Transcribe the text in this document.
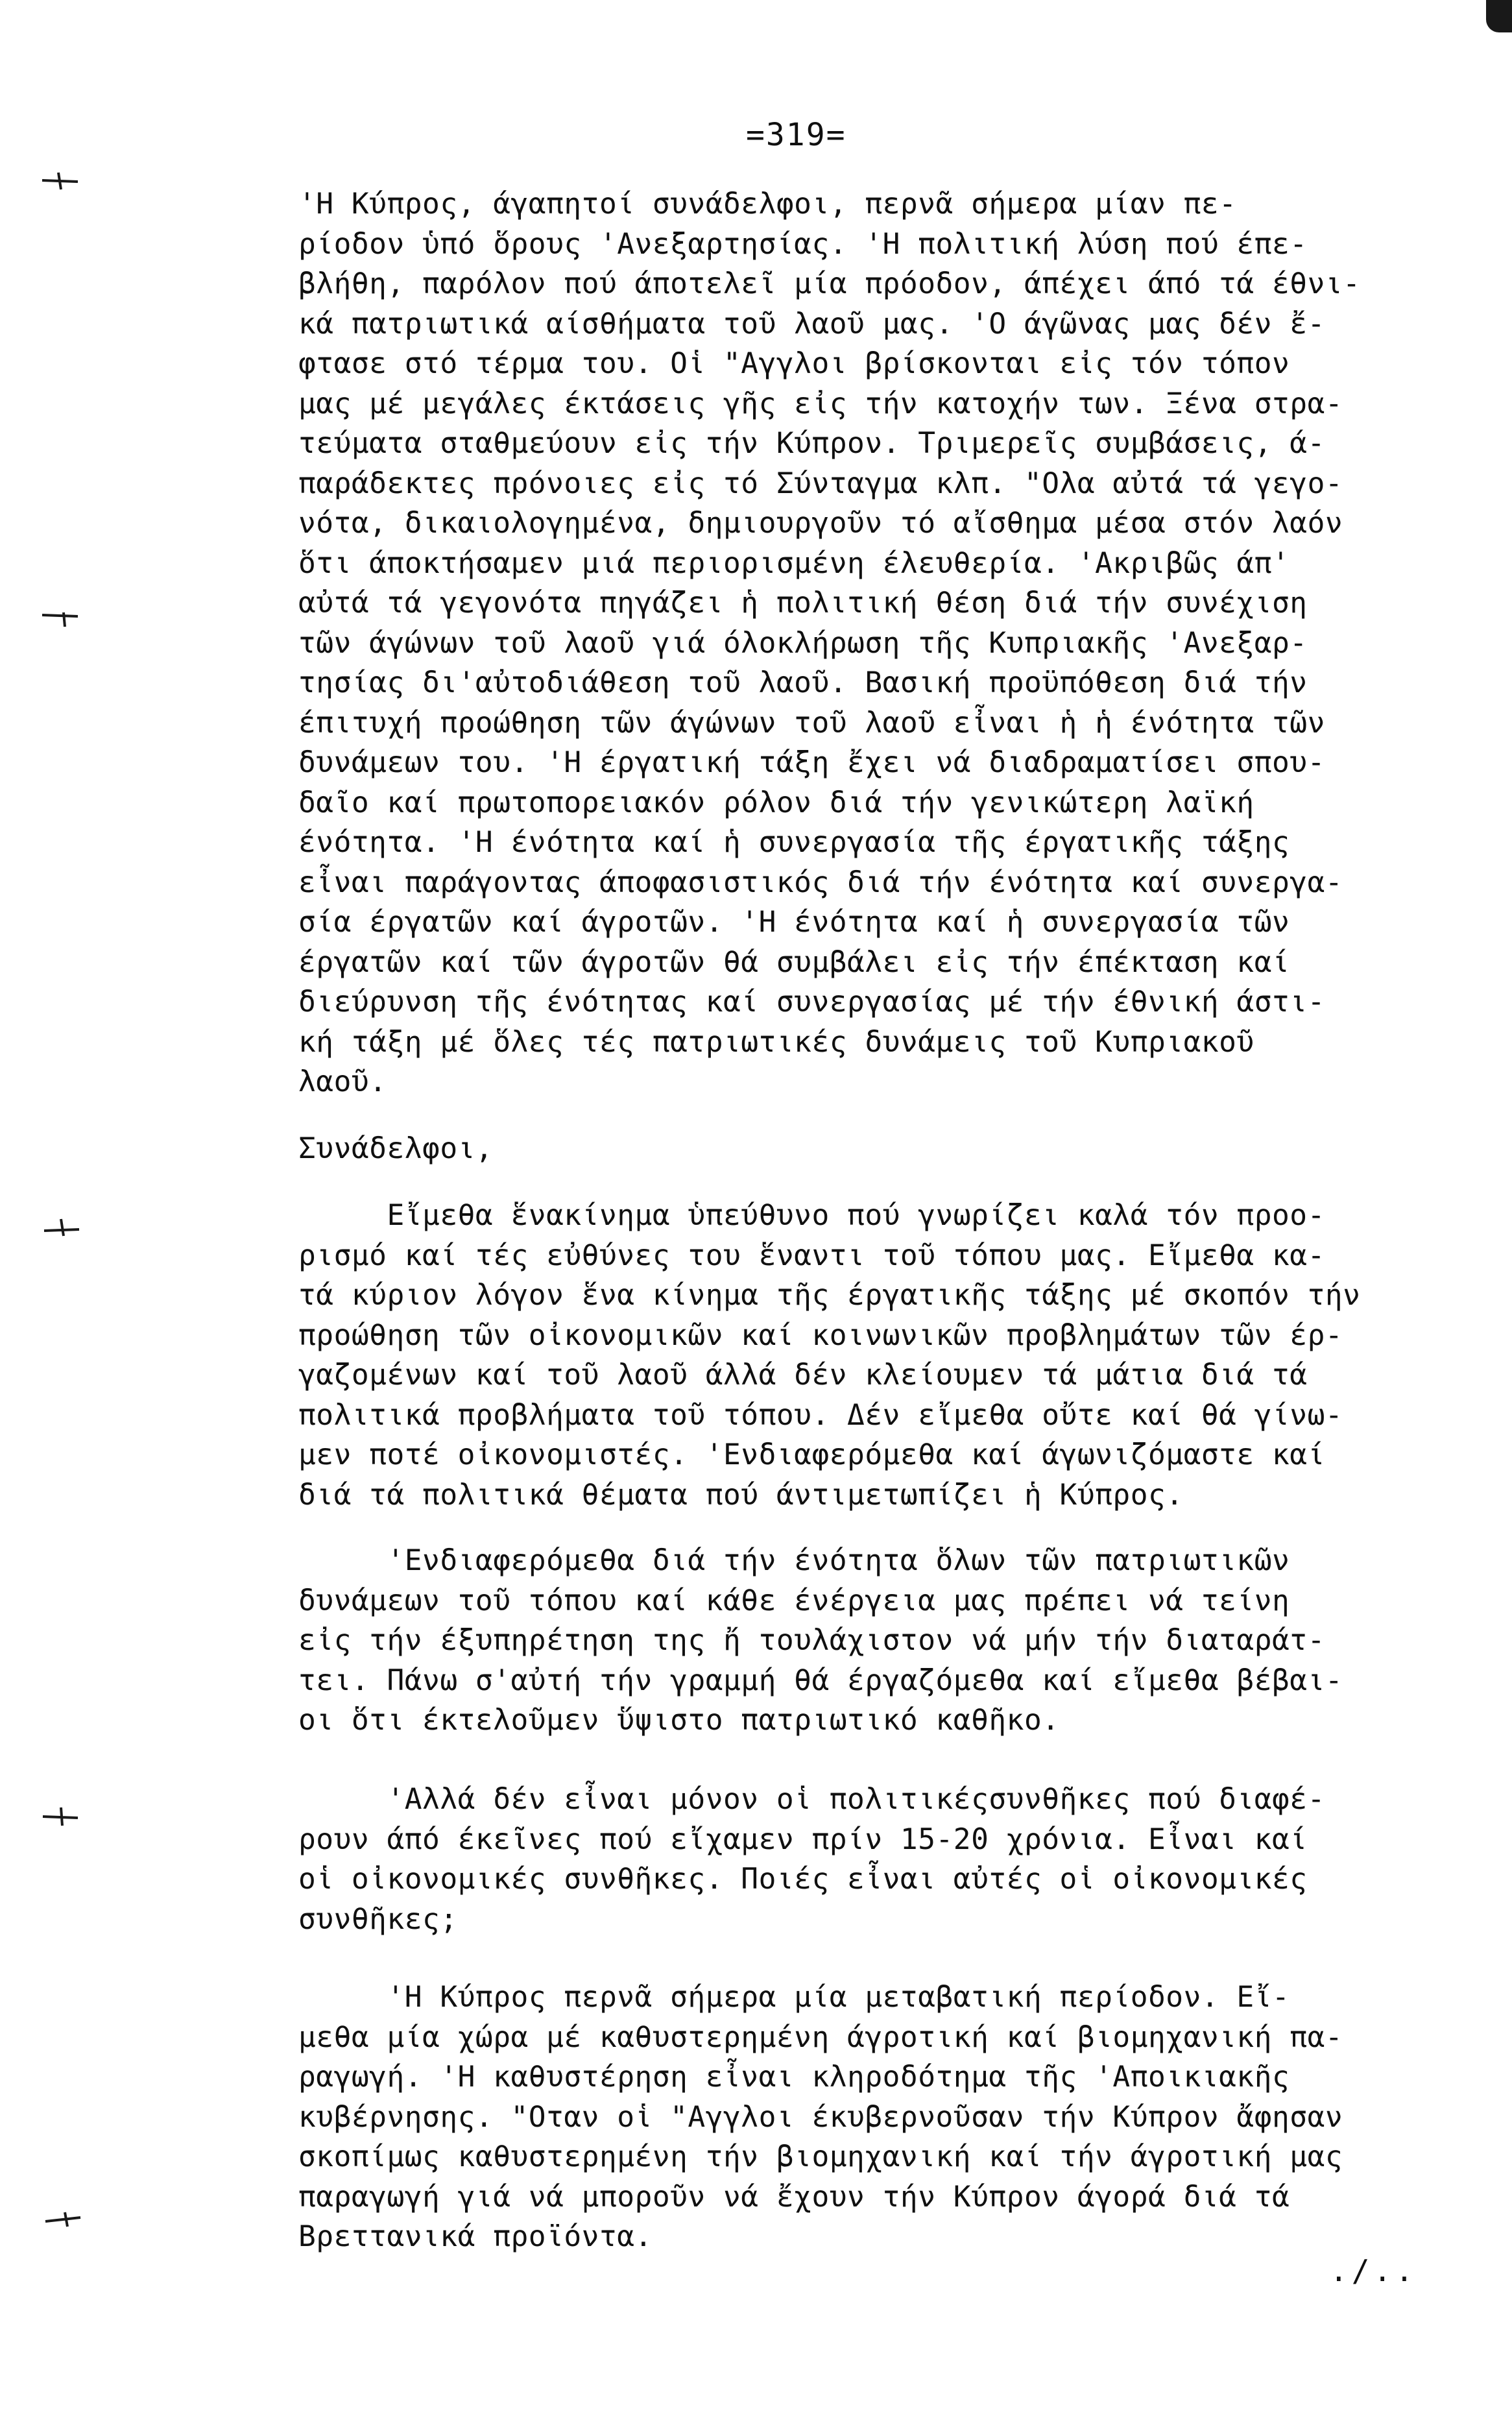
=319=
'Η Κύπρος, άγαπητοί συνάδελφοι, περνᾶ σήμερα μίαν πε-
ρίοδον ὑπό ὅρους 'Ανεξαρτησίας. 'Η πολιτική λύση πού έπε-
βλήθη, παρόλον πού άποτελεῖ μία πρόοδον, άπέχει άπό τά έθνι-
κά πατριωτικά αίσθήματα τοῦ λαοῦ μας. 'Ο άγῶνας μας δέν ἔ-
φτασε στό τέρμα του. Οἱ "Αγγλοι βρίσκονται εἰς τόν τόπον
μας μέ μεγάλες έκτάσεις γῆς εἰς τήν κατοχήν των. Ξένα στρα-
τεύματα σταθμεύουν εἰς τήν Κύπρον. Τριμερεῖς συμβάσεις, ά-
παράδεκτες πρόνοιες εἰς τό Σύνταγμα κλπ. "Ολα αὐτά τά γεγο-
νότα, δικαιολογημένα, δημιουργοῦν τό αἴσθημα μέσα στόν λαόν
ὅτι άποκτήσαμεν μιά περιορισμένη έλευθερία. 'Ακριβῶς άπ'
αὐτά τά γεγονότα πηγάζει ἡ πολιτική θέση διά τήν συνέχιση
τῶν άγώνων τοῦ λαοῦ γιά όλοκλήρωση τῆς Κυπριακῆς 'Ανεξαρ-
τησίας δι'αὐτοδιάθεση τοῦ λαοῦ. Βασική προϋπόθεση διά τήν
έπιτυχή προώθηση τῶν άγώνων τοῦ λαοῦ εἶναι ἡ ἡ ένότητα τῶν
δυνάμεων του. 'Η έργατική τάξη ἔχει νά διαδραματίσει σπου-
δαῖο καί πρωτοπορειακόν ρόλον διά τήν γενικώτερη λαϊκή
ένότητα. 'Η ένότητα καί ἡ συνεργασία τῆς έργατικῆς τάξης
εἶναι παράγοντας άποφασιστικός διά τήν ένότητα καί συνεργα-
σία έργατῶν καί άγροτῶν. 'Η ένότητα καί ἡ συνεργασία τῶν
έργατῶν καί τῶν άγροτῶν θά συμβάλει εἰς τήν έπέκταση καί
διεύρυνση τῆς ένότητας καί συνεργασίας μέ τήν έθνική άστι-
κή τάξη μέ ὅλες τές πατριωτικές δυνάμεις τοῦ Κυπριακοῦ
λαοῦ.
Συνάδελφοι,
Εἴμεθα ἕνακίνημα ὑπεύθυνο πού γνωρίζει καλά τόν προο-
ρισμό καί τές εὐθύνες του ἕναντι τοῦ τόπου μας. Εἴμεθα κα-
τά κύριον λόγον ἕνα κίνημα τῆς έργατικῆς τάξης μέ σκοπόν τήν
προώθηση τῶν οἰκονομικῶν καί κοινωνικῶν προβλημάτων τῶν έρ-
γαζομένων καί τοῦ λαοῦ άλλά δέν κλείουμεν τά μάτια διά τά
πολιτικά προβλήματα τοῦ τόπου. Δέν εἴμεθα οὔτε καί θά γίνω-
μεν ποτέ οἰκονομιστές. 'Ενδιαφερόμεθα καί άγωνιζόμαστε καί
διά τά πολιτικά θέματα πού άντιμετωπίζει ἡ Κύπρος.
'Ενδιαφερόμεθα διά τήν ένότητα ὅλων τῶν πατριωτικῶν
δυνάμεων τοῦ τόπου καί κάθε ένέργεια μας πρέπει νά τείνη
εἰς τήν έξυπηρέτηση της ἤ τουλάχιστον νά μήν τήν διαταράτ-
τει. Πάνω σ'αὐτή τήν γραμμή θά έργαζόμεθα καί εἴμεθα βέβαι-
οι ὅτι έκτελοῦμεν ὕψιστο πατριωτικό καθῆκο.
'Αλλά δέν εἶναι μόνον οἱ πολιτικέςσυνθῆκες πού διαφέ-
ρουν άπό έκεῖνες πού εἴχαμεν πρίν 15-20 χρόνια. Εἶναι καί
οἱ οἰκονομικές συνθῆκες. Ποιές εἶναι αὐτές οἱ οἰκονομικές
συνθῆκες;
'Η Κύπρος περνᾶ σήμερα μία μεταβατική περίοδον. Εἴ-
μεθα μία χώρα μέ καθυστερημένη άγροτική καί βιομηχανική πα-
ραγωγή. 'Η καθυστέρηση εἶναι κληροδότημα τῆς 'Αποικιακῆς
κυβέρνησης. "Οταν οἱ "Αγγλοι έκυβερνοῦσαν τήν Κύπρον ἄφησαν
σκοπίμως καθυστερημένη τήν βιομηχανική καί τήν άγροτική μας
παραγωγή γιά νά μποροῦν νά ἔχουν τήν Κύπρον άγορά διά τά
Βρεττανικά προϊόντα.
./..
